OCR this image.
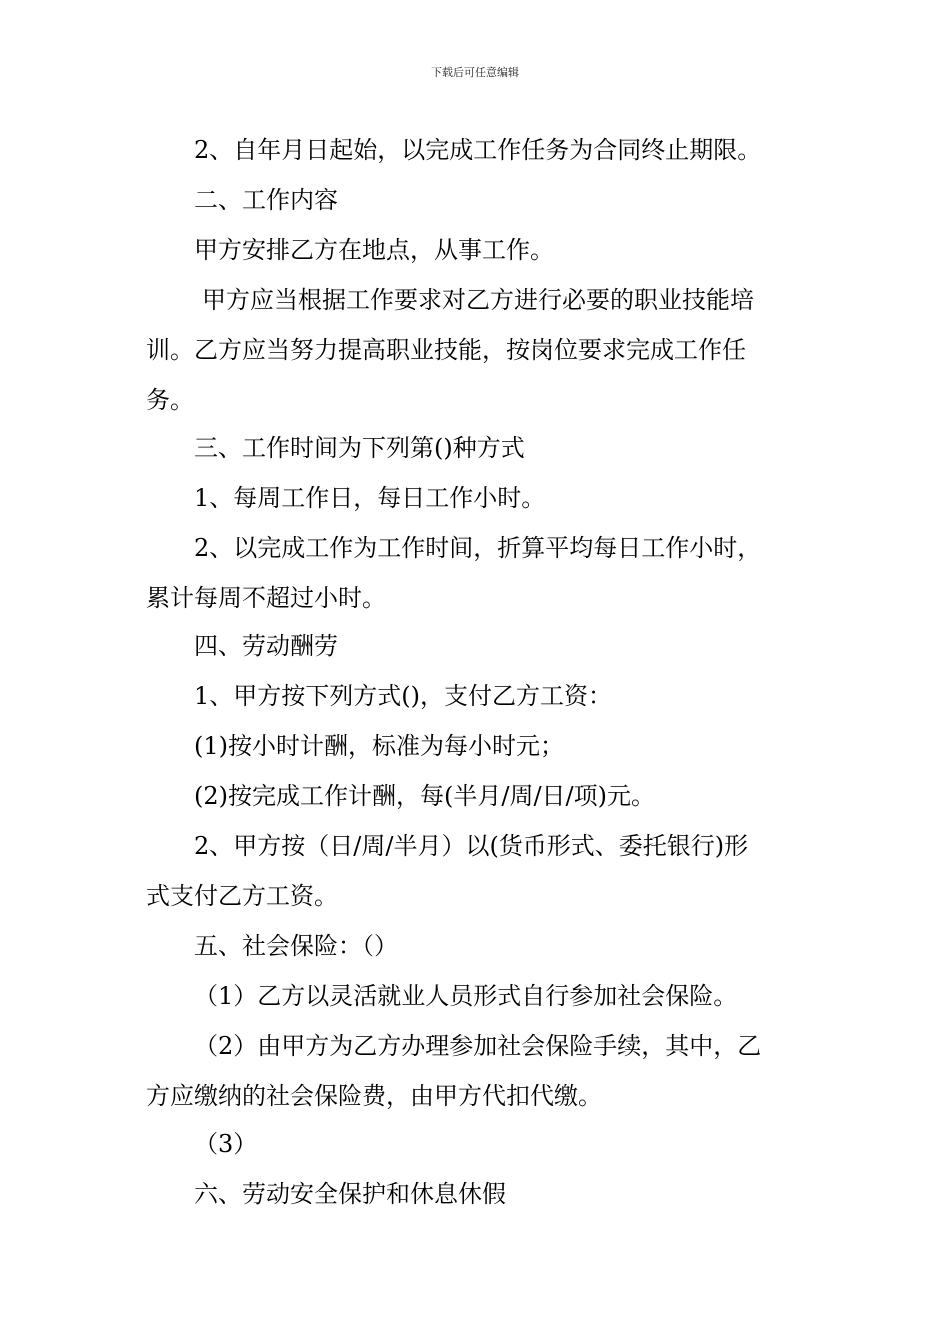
下载后可任意编辑
2、自年月日起始，以完成工作任务为合同终止期限。
二、工作内容
甲方安排乙方在地点，从事工作。
甲方应当根据工作要求对乙方进行必要的职业技能培
训。乙方应当努力提高职业技能，按岗位要求完成工作任
务。
三、工作时间为下列第()种方式
1、每周工作日，每日工作小时。
2、以完成工作为工作时间，折算平均每日工作小时，
累计每周不超过小时。
四、劳动酬劳
1、甲方按下列方式()，支付乙方工资：
(1)按小时计酬，标准为每小时元；
(2)按完成工作计酬，每(半月/周/日/项)元。
2、甲方按（日/周/半月）以(货币形式、委托银行)形
式支付乙方工资。
五、社会保险：（）
（1）乙方以灵活就业人员形式自行参加社会保险。
（2）由甲方为乙方办理参加社会保险手续，其中，乙
方应缴纳的社会保险费，由甲方代扣代缴。
（3）
六、劳动安全保护和休息休假
